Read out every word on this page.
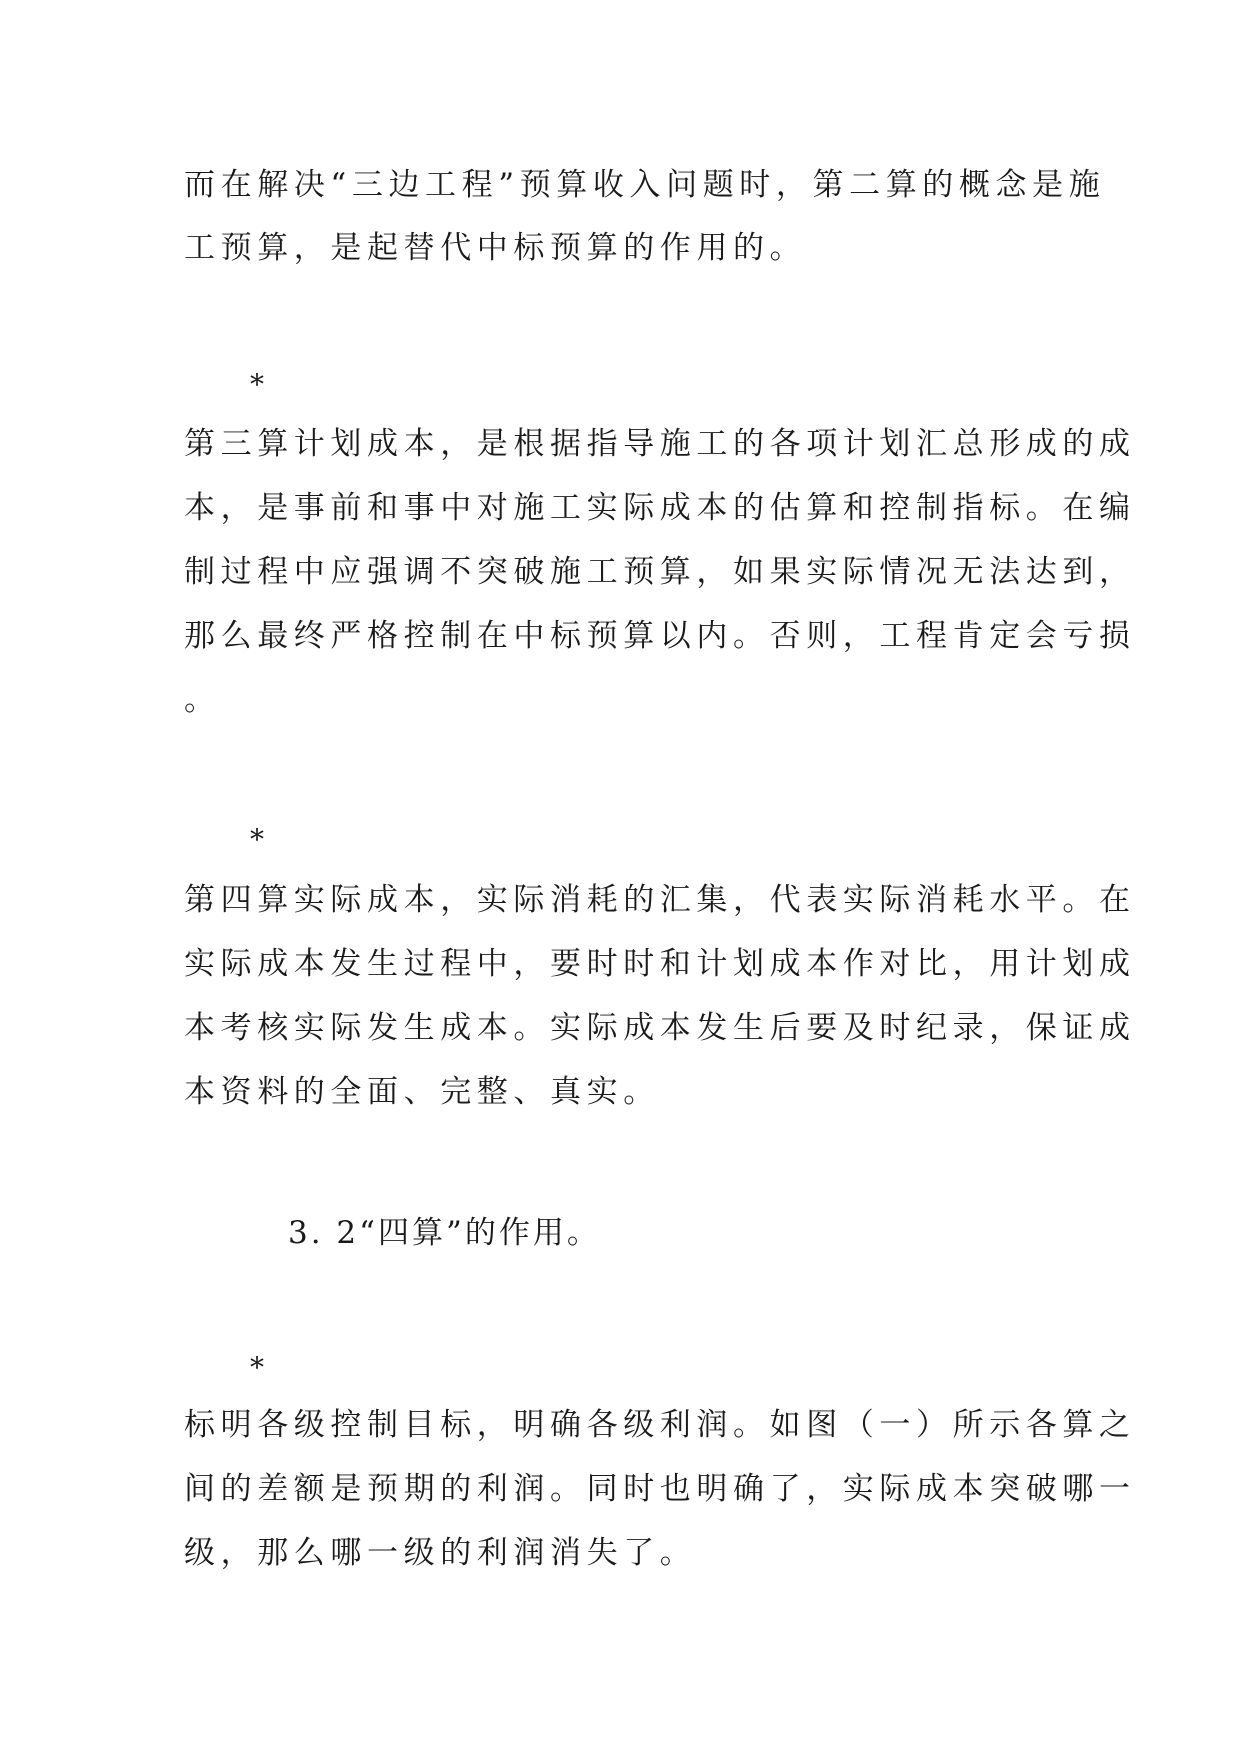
而在解决“三边工程”预算收入问题时，第二算的概念是施
工预算，是起替代中标预算的作用的。
*
第三算计划成本，是根据指导施工的各项计划汇总形成的成
本，是事前和事中对施工实际成本的估算和控制指标。在编
制过程中应强调不突破施工预算，如果实际情况无法达到，
那么最终严格控制在中标预算以内。否则，工程肯定会亏损
。
*
第四算实际成本，实际消耗的汇集，代表实际消耗水平。在
实际成本发生过程中，要时时和计划成本作对比，用计划成
本考核实际发生成本。实际成本发生后要及时纪录，保证成
本资料的全面、完整、真实。
3. 2“四算”的作用。
*
标明各级控制目标，明确各级利润。如图（一）所示各算之
间的差额是预期的利润。同时也明确了，实际成本突破哪一
级，那么哪一级的利润消失了。
